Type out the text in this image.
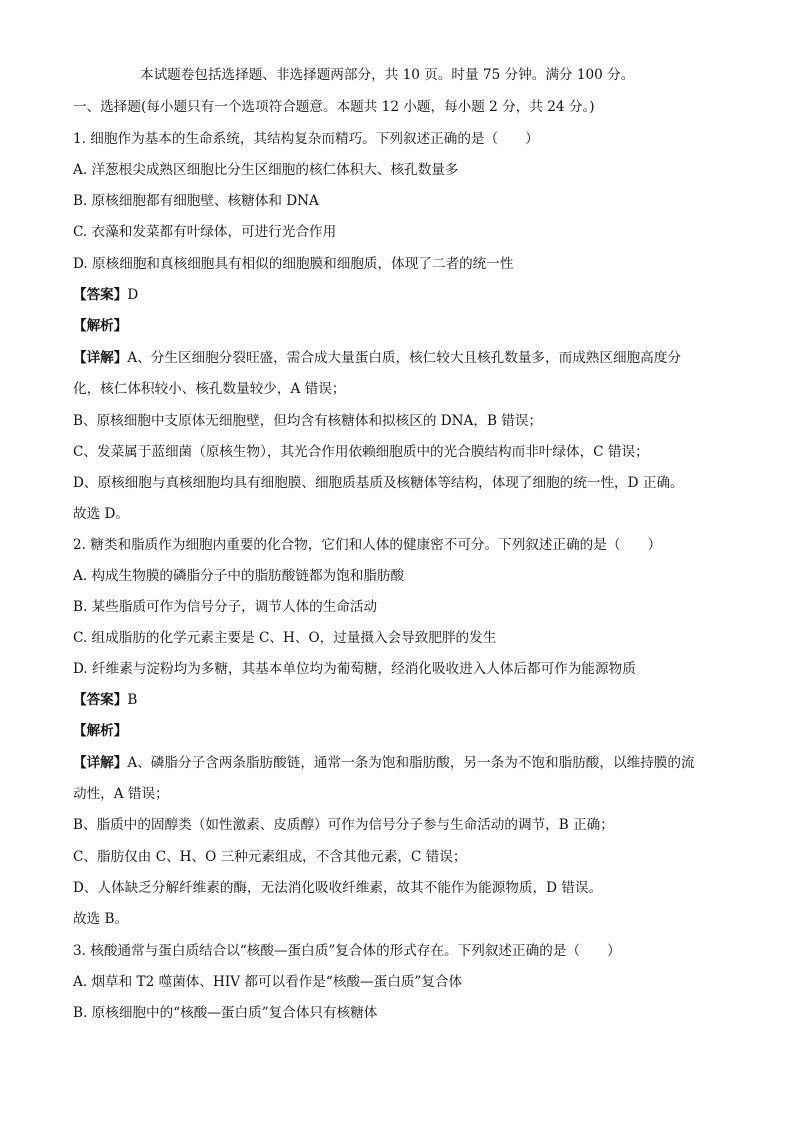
本试题卷包括选择题、非选择题两部分，共 10 页。时量 75 分钟。满分 100 分。
一、选择题(每小题只有一个选项符合题意。本题共 12 小题，每小题 2 分，共 24 分。)
1. 细胞作为基本的生命系统，其结构复杂而精巧。下列叙述正确的是（　　）
A. 洋葱根尖成熟区细胞比分生区细胞的核仁体积大、核孔数量多
B. 原核细胞都有细胞壁、核糖体和 DNA
C. 衣藻和发菜都有叶绿体，可进行光合作用
D. 原核细胞和真核细胞具有相似的细胞膜和细胞质，体现了二者的统一性
【答案】D
【解析】
【详解】A、分生区细胞分裂旺盛，需合成大量蛋白质，核仁较大且核孔数量多，而成熟区细胞高度分
化，核仁体积较小、核孔数量较少，A 错误；
B、原核细胞中支原体无细胞壁，但均含有核糖体和拟核区的 DNA，B 错误；
C、发菜属于蓝细菌（原核生物），其光合作用依赖细胞质中的光合膜结构而非叶绿体，C 错误；
D、原核细胞与真核细胞均具有细胞膜、细胞质基质及核糖体等结构，体现了细胞的统一性，D 正确。
故选 D。
2. 糖类和脂质作为细胞内重要的化合物，它们和人体的健康密不可分。下列叙述正确的是（　　）
A. 构成生物膜的磷脂分子中的脂肪酸链都为饱和脂肪酸
B. 某些脂质可作为信号分子，调节人体的生命活动
C. 组成脂肪的化学元素主要是 C、H、O，过量摄入会导致肥胖的发生
D. 纤维素与淀粉均为多糖，其基本单位均为葡萄糖，经消化吸收进入人体后都可作为能源物质
【答案】B
【解析】
【详解】A、磷脂分子含两条脂肪酸链，通常一条为饱和脂肪酸，另一条为不饱和脂肪酸，以维持膜的流
动性，A 错误；
B、脂质中的固醇类（如性激素、皮质醇）可作为信号分子参与生命活动的调节，B 正确；
C、脂肪仅由 C、H、O 三种元素组成，不含其他元素，C 错误；
D、人体缺乏分解纤维素的酶，无法消化吸收纤维素，故其不能作为能源物质，D 错误。
故选 B。
3. 核酸通常与蛋白质结合以“核酸—蛋白质”复合体的形式存在。下列叙述正确的是（　　）
A. 烟草和 T2 噬菌体、HIV 都可以看作是“核酸—蛋白质”复合体
B. 原核细胞中的“核酸—蛋白质”复合体只有核糖体
